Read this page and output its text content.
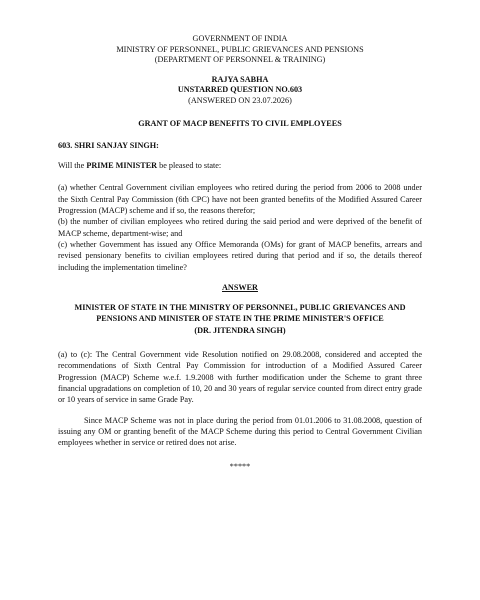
GOVERNMENT OF INDIA
MINISTRY OF PERSONNEL, PUBLIC GRIEVANCES AND PENSIONS
(DEPARTMENT OF PERSONNEL & TRAINING)
RAJYA SABHA
UNSTARRED QUESTION NO.603
(ANSWERED ON 23.07.2026)
GRANT OF MACP BENEFITS TO CIVIL EMPLOYEES
603. SHRI SANJAY SINGH:
Will the PRIME MINISTER be pleased to state:

(a) whether Central Government civilian employees who retired during the period from 2006 to 2008 under the Sixth Central Pay Commission (6th CPC) have not been granted benefits of the Modified Assured Career Progression (MACP) scheme and if so, the reasons therefor;

(b) the number of civilian employees who retired during the said period and were deprived of the benefit of MACP scheme, department-wise; and

(c) whether Government has issued any Office Memoranda (OMs) for grant of MACP benefits, arrears and revised pensionary benefits to civilian employees retired during that period and if so, the details thereof including the implementation timeline?

ANSWER
MINISTER OF STATE IN THE MINISTRY OF PERSONNEL, PUBLIC GRIEVANCES AND PENSIONS AND MINISTER OF STATE IN THE PRIME MINISTER'S OFFICE
(DR. JITENDRA SINGH)

(a) to (c): The Central Government vide Resolution notified on 29.08.2008, considered and accepted the recommendations of Sixth Central Pay Commission for introduction of a Modified Assured Career Progression (MACP) Scheme w.e.f. 1.9.2008 with further modification under the Scheme to grant three financial upgradations on completion of 10, 20 and 30 years of regular service counted from direct entry grade or 10 years of service in same Grade Pay.

Since MACP Scheme was not in place during the period from 01.01.2006 to 31.08.2008, question of issuing any OM or granting benefit of the MACP Scheme during this period to Central Government Civilian employees whether in service or retired does not arise.

*****
